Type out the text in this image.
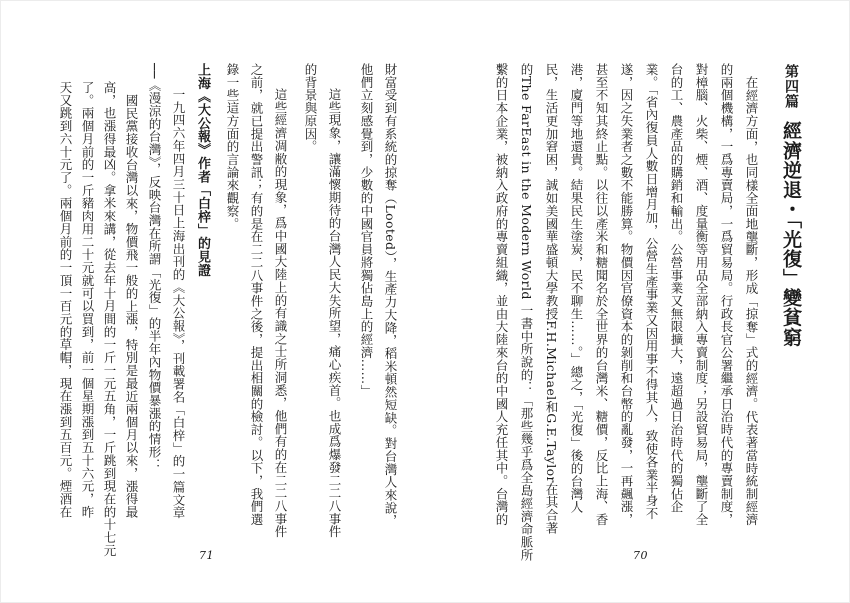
財富受到有系統的掠奪（Looted），生產力大降，稻米頓然短缺。對台灣人來說，
他們立刻感覺到，少數的中國官員將獨佔島上的經濟……」
這些現象，讓滿懷期待的台灣人民大失所望，痛心疾首。也成爲爆發二二八事件
的背景與原因。
這些經濟凋敝的現象，爲中國大陸上的有識之士所洞悉，他們有的在二二八事件
之前，就已提出警訊；有的是在二二八事件之後，提出相關的檢討。以下，我們選
錄一些這方面的言論來觀察。
上海《大公報》作者「白梓」的見證
一九四六年四月三十日上海出刊的《大公報》，刊載署名「白梓」的一篇文章
──《漫涼的台灣》，反映台灣在所謂「光復」的半年內物價暴漲的情形：
國民黨接收台灣以來，物價飛一般的上漲，特別是最近兩個月以來，漲得最
高，也漲得最凶。拿米來講，從去年十月間的一斤一元五角，一斤跳到現在的十七元
了。兩個月前的一斤豬肉用二十元就可以買到，前一個星期漲到五十六元，昨
天又跳到六十元了。兩個月前的一頂一百元的草帽，現在漲到五百元。煙酒在
71
第四篇
經濟逆退・「光復」變貧窮
在經濟方面，也同樣全面地壟斷，形成「掠奪」式的經濟。代表著當時統制經濟
的兩個機構，一爲專賣局，一爲貿易局。行政長官公署繼承日治時代的專賣制度，
對樟腦、火柴、煙、酒、度量衡等用品全部納入專賣制度；另設貿易局，壟斷了全
台的工、農產品的購銷和輸出。公營事業又無限擴大，遠超過日治時代的獨佔企
業。「省內復員人數日增月加，公營生產事業又因用事不得其人，致使各業半身不
遂，因之失業者之數不能勝算。物價因官僚資本的剝削和台幣的亂發，一再飆漲，
甚至不知其終止點。以往以產米和糖聞名於全世界的台灣米、糖價，反比上海、香
港，廈門等地還貴。結果民生塗炭，民不聊生……。」總之，「光復」後的台灣人
民，生活更加窘困，誠如美國華盛頓大學教授F.H.Michael和G.E.Taylor在其合著
的The FarEast in the Modern World 一書中所說的：「那些幾乎爲全島經濟命脈所
繫的日本企業，被納入政府的專賣組織，並由大陸來台的中國人充任其中。台灣的
70
